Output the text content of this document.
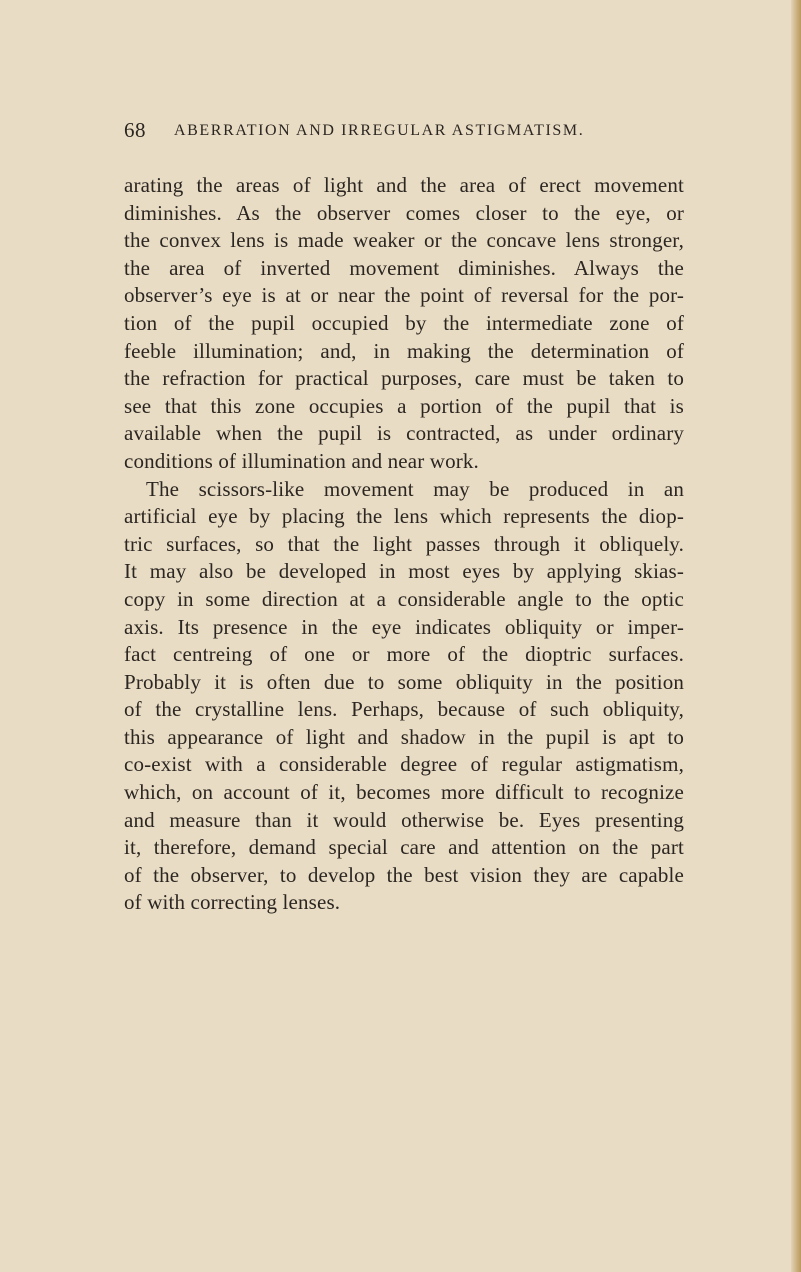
68 ABERRATION AND IRREGULAR ASTIGMATISM.

arating the areas of light and the area of erect movement
diminishes. As the observer comes closer to the eye, or
the convex lens is made weaker or the concave lens stronger,
the area of inverted movement diminishes. Always the
observer’s eye is at or near the point of reversal for the por-
tion of the pupil occupied by the intermediate zone of
feeble illumination; and, in making the determination of
the refraction for practical purposes, care must be taken to
see that this zone occupies a portion of the pupil that is
available when the pupil is contracted, as under ordinary
conditions of illumination and near work.
The scissors-like movement may be produced in an
artificial eye by placing the lens which represents the diop-
tric surfaces, so that the light passes through it obliquely.
It may also be developed in most eyes by applying skias-
copy in some direction at a considerable angle to the optic
axis. Its presence in the eye indicates obliquity or imper-
fact centreing of one or more of the dioptric surfaces.
Probably it is often due to some obliquity in the position
of the crystalline lens. Perhaps, because of such obliquity,
this appearance of light and shadow in the pupil is apt to
co-exist with a considerable degree of regular astigmatism,
which, on account of it, becomes more difficult to recognize
and measure than it would otherwise be. Eyes presenting
it, therefore, demand special care and attention on the part
of the observer, to develop the best vision they are capable
of with correcting lenses.
